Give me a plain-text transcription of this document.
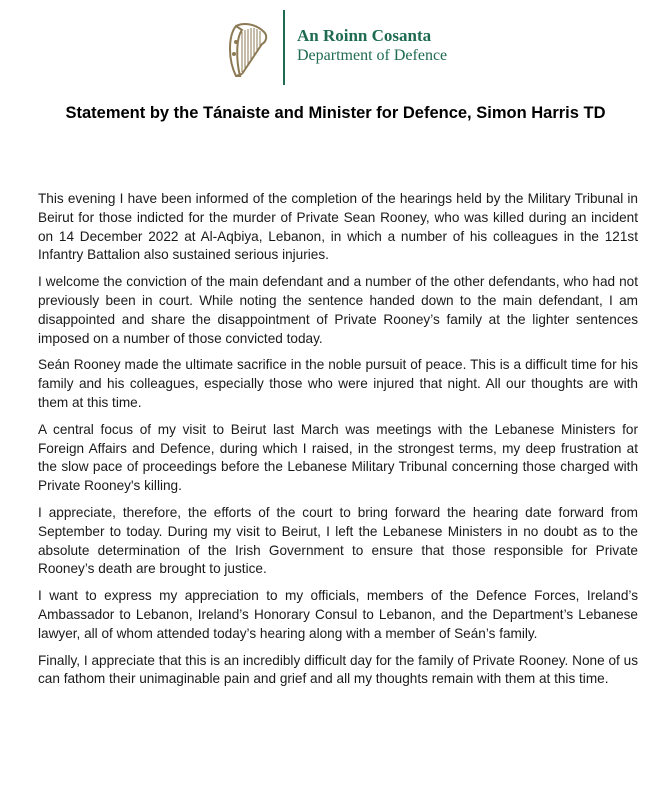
An Roinn Cosanta
Department of Defence
Statement by the Tánaiste and Minister for Defence, Simon Harris TD

This evening I have been informed of the completion of the hearings held by the Military Tribunal in Beirut for those indicted for the murder of Private Sean Rooney, who was killed during an incident on 14 December 2022 at Al-Aqbiya, Lebanon, in which a number of his colleagues in the 121st Infantry Battalion also sustained serious injuries.

I welcome the conviction of the main defendant and a number of the other defendants, who had not previously been in court. While noting the sentence handed down to the main defendant, I am disappointed and share the disappointment of Private Rooney’s family at the lighter sentences imposed on a number of those convicted today.

Seán Rooney made the ultimate sacrifice in the noble pursuit of peace. This is a difficult time for his family and his colleagues, especially those who were injured that night. All our thoughts are with them at this time.

A central focus of my visit to Beirut last March was meetings with the Lebanese Ministers for Foreign Affairs and Defence, during which I raised, in the strongest terms, my deep frustration at the slow pace of proceedings before the Lebanese Military Tribunal concerning those charged with Private Rooney's killing.

I appreciate, therefore, the efforts of the court to bring forward the hearing date forward from September to today. During my visit to Beirut, I left the Lebanese Ministers in no doubt as to the absolute determination of the Irish Government to ensure that those responsible for Private Rooney’s death are brought to justice.

I want to express my appreciation to my officials, members of the Defence Forces, Ireland’s Ambassador to Lebanon, Ireland’s Honorary Consul to Lebanon, and the Department’s Lebanese lawyer, all of whom attended today’s hearing along with a member of Seán’s family.

Finally, I appreciate that this is an incredibly difficult day for the family of Private Rooney. None of us can fathom their unimaginable pain and grief and all my thoughts remain with them at this time.
